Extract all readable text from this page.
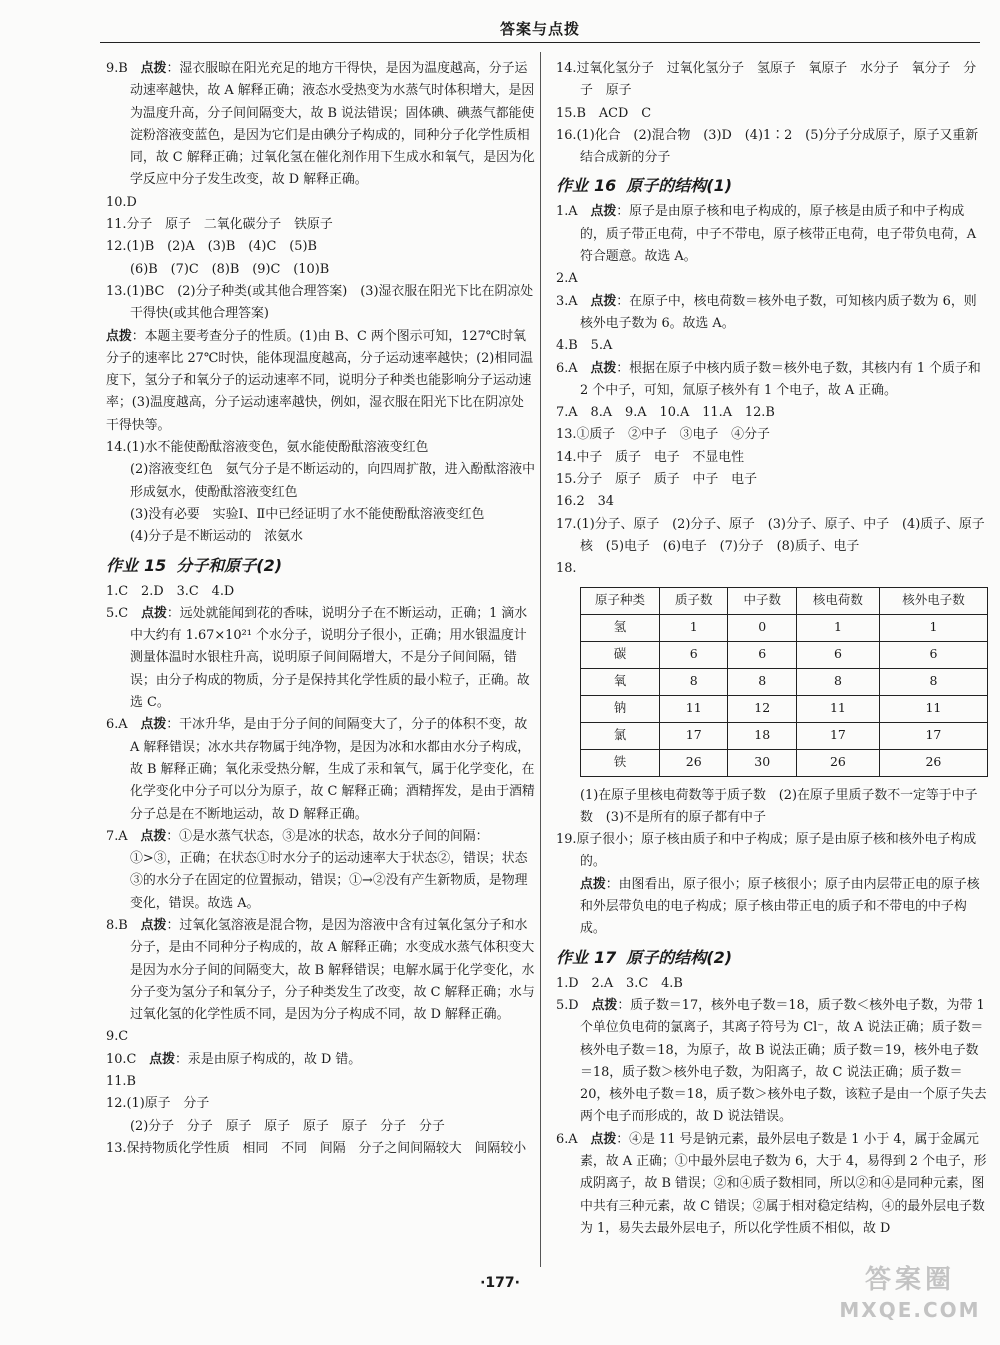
答案与点拨

9.B　点拨：湿衣服晾在阳光充足的地方干得快，是因为温度越高，分子运动速率越快，故 A 解释正确；液态水受热变为水蒸气时体积增大，是因为温度升高，分子间间隔变大，故 B 说法错误；固体碘、碘蒸气都能使淀粉溶液变蓝色，是因为它们是由碘分子构成的，同种分子化学性质相同，故 C 解释正确；过氧化氢在催化剂作用下生成水和氧气，是因为化学反应中分子发生改变，故 D 解释正确。

10.D

11.分子　原子　二氧化碳分子　铁原子

12.(1)B　(2)A　(3)B　(4)C　(5)B

(6)B　(7)C　(8)B　(9)C　(10)B

13.(1)BC　(2)分子种类(或其他合理答案)　(3)湿衣服在阳光下比在阴凉处干得快(或其他合理答案)

点拨：本题主要考查分子的性质。(1)由 B、C 两个图示可知，127℃时氧分子的速率比 27℃时快，能体现温度越高，分子运动速率越快；(2)相同温度下，氢分子和氧分子的运动速率不同，说明分子种类也能影响分子运动速率；(3)温度越高，分子运动速率越快，例如，湿衣服在阳光下比在阴凉处干得快等。

14.(1)水不能使酚酞溶液变色，氨水能使酚酞溶液变红色

(2)溶液变红色　氨气分子是不断运动的，向四周扩散，进入酚酞溶液中形成氨水，使酚酞溶液变红色

(3)没有必要　实验Ⅰ、Ⅱ中已经证明了水不能使酚酞溶液变红色

(4)分子是不断运动的　浓氨水

作业 15 分子和原子(2)

1.C　2.D　3.C　4.D

5.C　点拨：远处就能闻到花的香味，说明分子在不断运动，正确；1 滴水中大约有 1.67×10²¹ 个水分子，说明分子很小，正确；用水银温度计测量体温时水银柱升高，说明原子间间隔增大，不是分子间间隔，错误；由分子构成的物质，分子是保持其化学性质的最小粒子，正确。故选 C。

6.A　点拨：干冰升华，是由于分子间的间隔变大了，分子的体积不变，故 A 解释错误；冰水共存物属于纯净物，是因为冰和水都由水分子构成，故 B 解释正确；氧化汞受热分解，生成了汞和氧气，属于化学变化，在化学变化中分子可以分为原子，故 C 解释正确；酒精挥发，是由于酒精分子总是在不断地运动，故 D 解释正确。

7.A　点拨：①是水蒸气状态，③是冰的状态，故水分子间的间隔：①>③，正确；在状态①时水分子的运动速率大于状态②，错误；状态③的水分子在固定的位置振动，错误；①→②没有产生新物质，是物理变化，错误。故选 A。

8.B　点拨：过氧化氢溶液是混合物，是因为溶液中含有过氧化氢分子和水分子，是由不同种分子构成的，故 A 解释正确；水变成水蒸气体积变大是因为水分子间的间隔变大，故 B 解释错误；电解水属于化学变化，水分子变为氢分子和氧分子，分子种类发生了改变，故 C 解释正确；水与过氧化氢的化学性质不同，是因为分子构成不同，故 D 解释正确。

9.C

10.C　点拨：汞是由原子构成的，故 D 错。

11.B

12.(1)原子　分子

(2)分子　分子　原子　原子　原子　原子　分子　分子

13.保持物质化学性质　相同　不同　间隔　分子之间间隔较大　间隔较小

14.过氧化氢分子　过氧化氢分子　氢原子　氧原子　水分子　氧分子　分子　原子

15.B　ACD　C

16.(1)化合　(2)混合物　(3)D　(4)1∶2　(5)分子分成原子，原子又重新结合成新的分子

作业 16 原子的结构(1)

1.A　点拨：原子是由原子核和电子构成的，原子核是由质子和中子构成的，质子带正电荷，中子不带电，原子核带正电荷，电子带负电荷，A 符合题意。故选 A。

2.A

3.A　点拨：在原子中，核电荷数＝核外电子数，可知核内质子数为 6，则核外电子数为 6。故选 A。

4.B　5.A

6.A　点拨：根据在原子中核内质子数＝核外电子数，其核内有 1 个质子和 2 个中子，可知，氚原子核外有 1 个电子，故 A 正确。

7.A　8.A　9.A　10.A　11.A　12.B

13.①质子　②中子　③电子　④分子

14.中子　质子　电子　不显电性

15.分子　原子　质子　中子　电子

16.2　34

17.(1)分子、原子　(2)分子、原子　(3)分子、原子、中子　(4)质子、原子核　(5)电子　(6)电子　(7)分子　(8)质子、电子

18.

原子种类	质子数	中子数	核电荷数	核外电子数
氢	1	0	1	1
碳	6	6	6	6
氧	8	8	8	8
钠	11	12	11	11
氯	17	18	17	17
铁	26	30	26	26

(1)在原子里核电荷数等于质子数　(2)在原子里质子数不一定等于中子数　(3)不是所有的原子都有中子

19.原子很小；原子核由质子和中子构成；原子是由原子核和核外电子构成的。

点拨：由图看出，原子很小；原子核很小；原子由内层带正电的原子核和外层带负电的电子构成；原子核由带正电的质子和不带电的中子构成。

作业 17 原子的结构(2)

1.D　2.A　3.C　4.B

5.D　点拨：质子数＝17，核外电子数＝18，质子数＜核外电子数，为带 1 个单位负电荷的氯离子，其离子符号为 Cl⁻，故 A 说法正确；质子数＝核外电子数＝18，为原子，故 B 说法正确；质子数＝19，核外电子数＝18，质子数＞核外电子数，为阳离子，故 C 说法正确；质子数＝20，核外电子数＝18，质子数＞核外电子数，该粒子是由一个原子失去两个电子而形成的，故 D 说法错误。

6.A　点拨：④是 11 号是钠元素，最外层电子数是 1 小于 4，属于金属元素，故 A 正确；①中最外层电子数为 6，大于 4，易得到 2 个电子，形成阴离子，故 B 错误；②和④质子数相同，所以②和④是同种元素，图中共有三种元素，故 C 错误；②属于相对稳定结构，④的最外层电子数为 1，易失去最外层电子，所以化学性质不相似，故 D

·177·	答案圈
MXQE.COM
